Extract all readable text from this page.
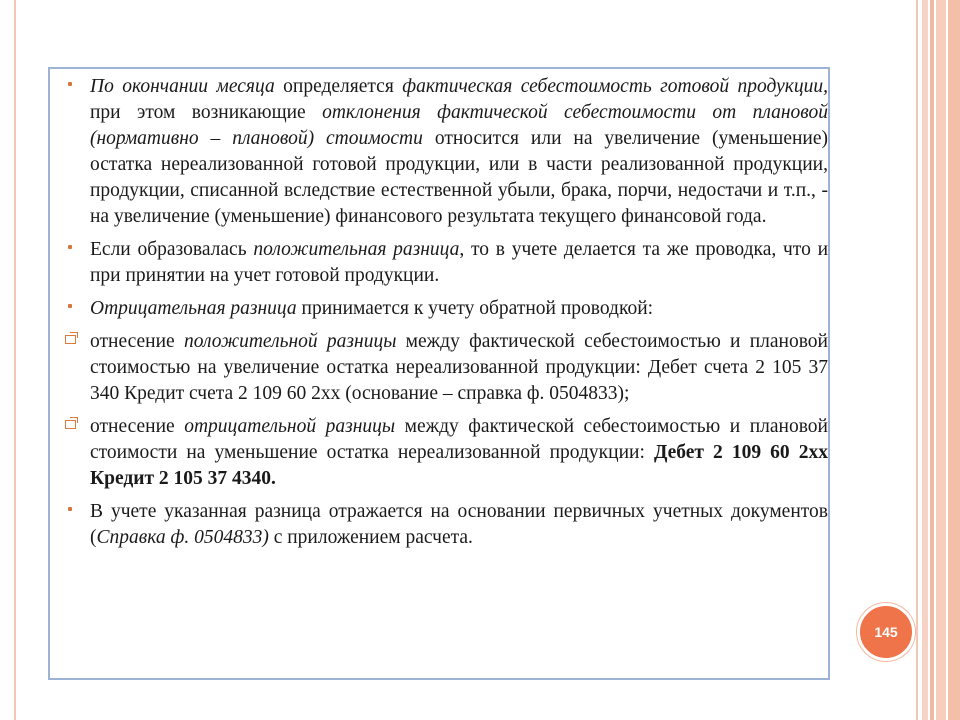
По окончании месяца определяется фактическая себестоимость готовой продукции, при этом возникающие отклонения фактической себестоимости от плановой (нормативно – плановой) стоимости относится или на увеличение (уменьшение) остатка нереализованной готовой продукции, или в части реализованной продукции, продукции, списанной вследствие естественной убыли, брака, порчи, недостачи и т.п., - на увеличение (уменьшение) финансового результата текущего финансовой года.
Если образовалась положительная разница, то в учете делается та же проводка, что и при принятии на учет готовой продукции.
Отрицательная разница принимается к учету обратной проводкой:
отнесение положительной разницы между фактической себестоимостью и плановой стоимостью на увеличение остатка нереализованной продукции: Дебет счета 2 105 37 340 Кредит счета 2 109 60 2хх (основание – справка ф. 0504833);
отнесение отрицательной разницы между фактической себестоимостью и плановой стоимости на уменьшение остатка нереализованной продукции: Дебет 2 109 60 2хх Кредит 2 105 37 4340.
В учете указанная разница отражается на основании первичных учетных документов (Справка ф. 0504833) с приложением расчета.
145
